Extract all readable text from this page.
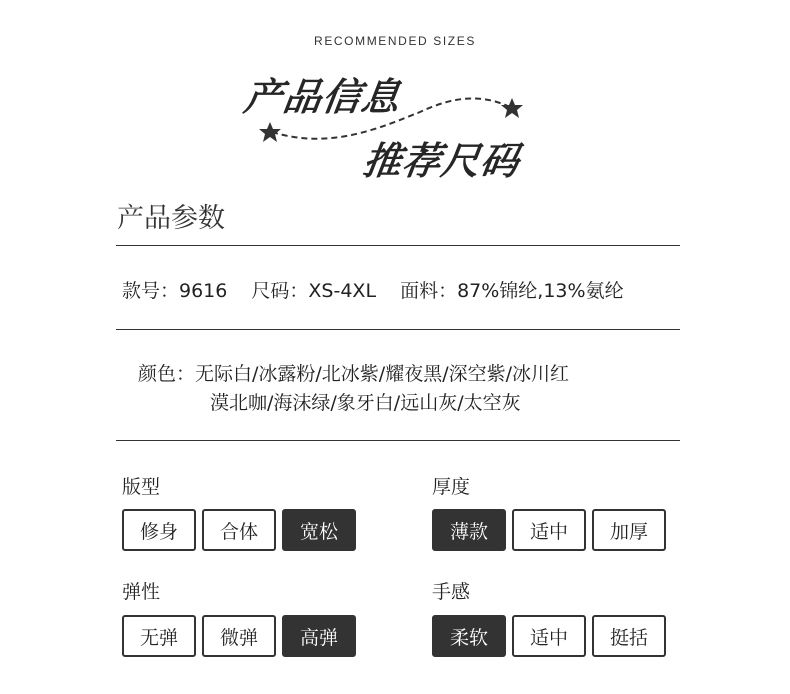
RECOMMENDED SIZES
产品信息
推荐尺码
产品参数
款号：9616 尺码：XS-4XL 面料：87%锦纶,13%氨纶
颜色：无际白/冰露粉/北冰紫/耀夜黑/深空紫/冰川红
漠北咖/海沫绿/象牙白/远山灰/太空灰
版型
修身	合体	宽松
厚度
薄款	适中	加厚
弹性
无弹	微弹	高弹
手感
柔软	适中	挺括
